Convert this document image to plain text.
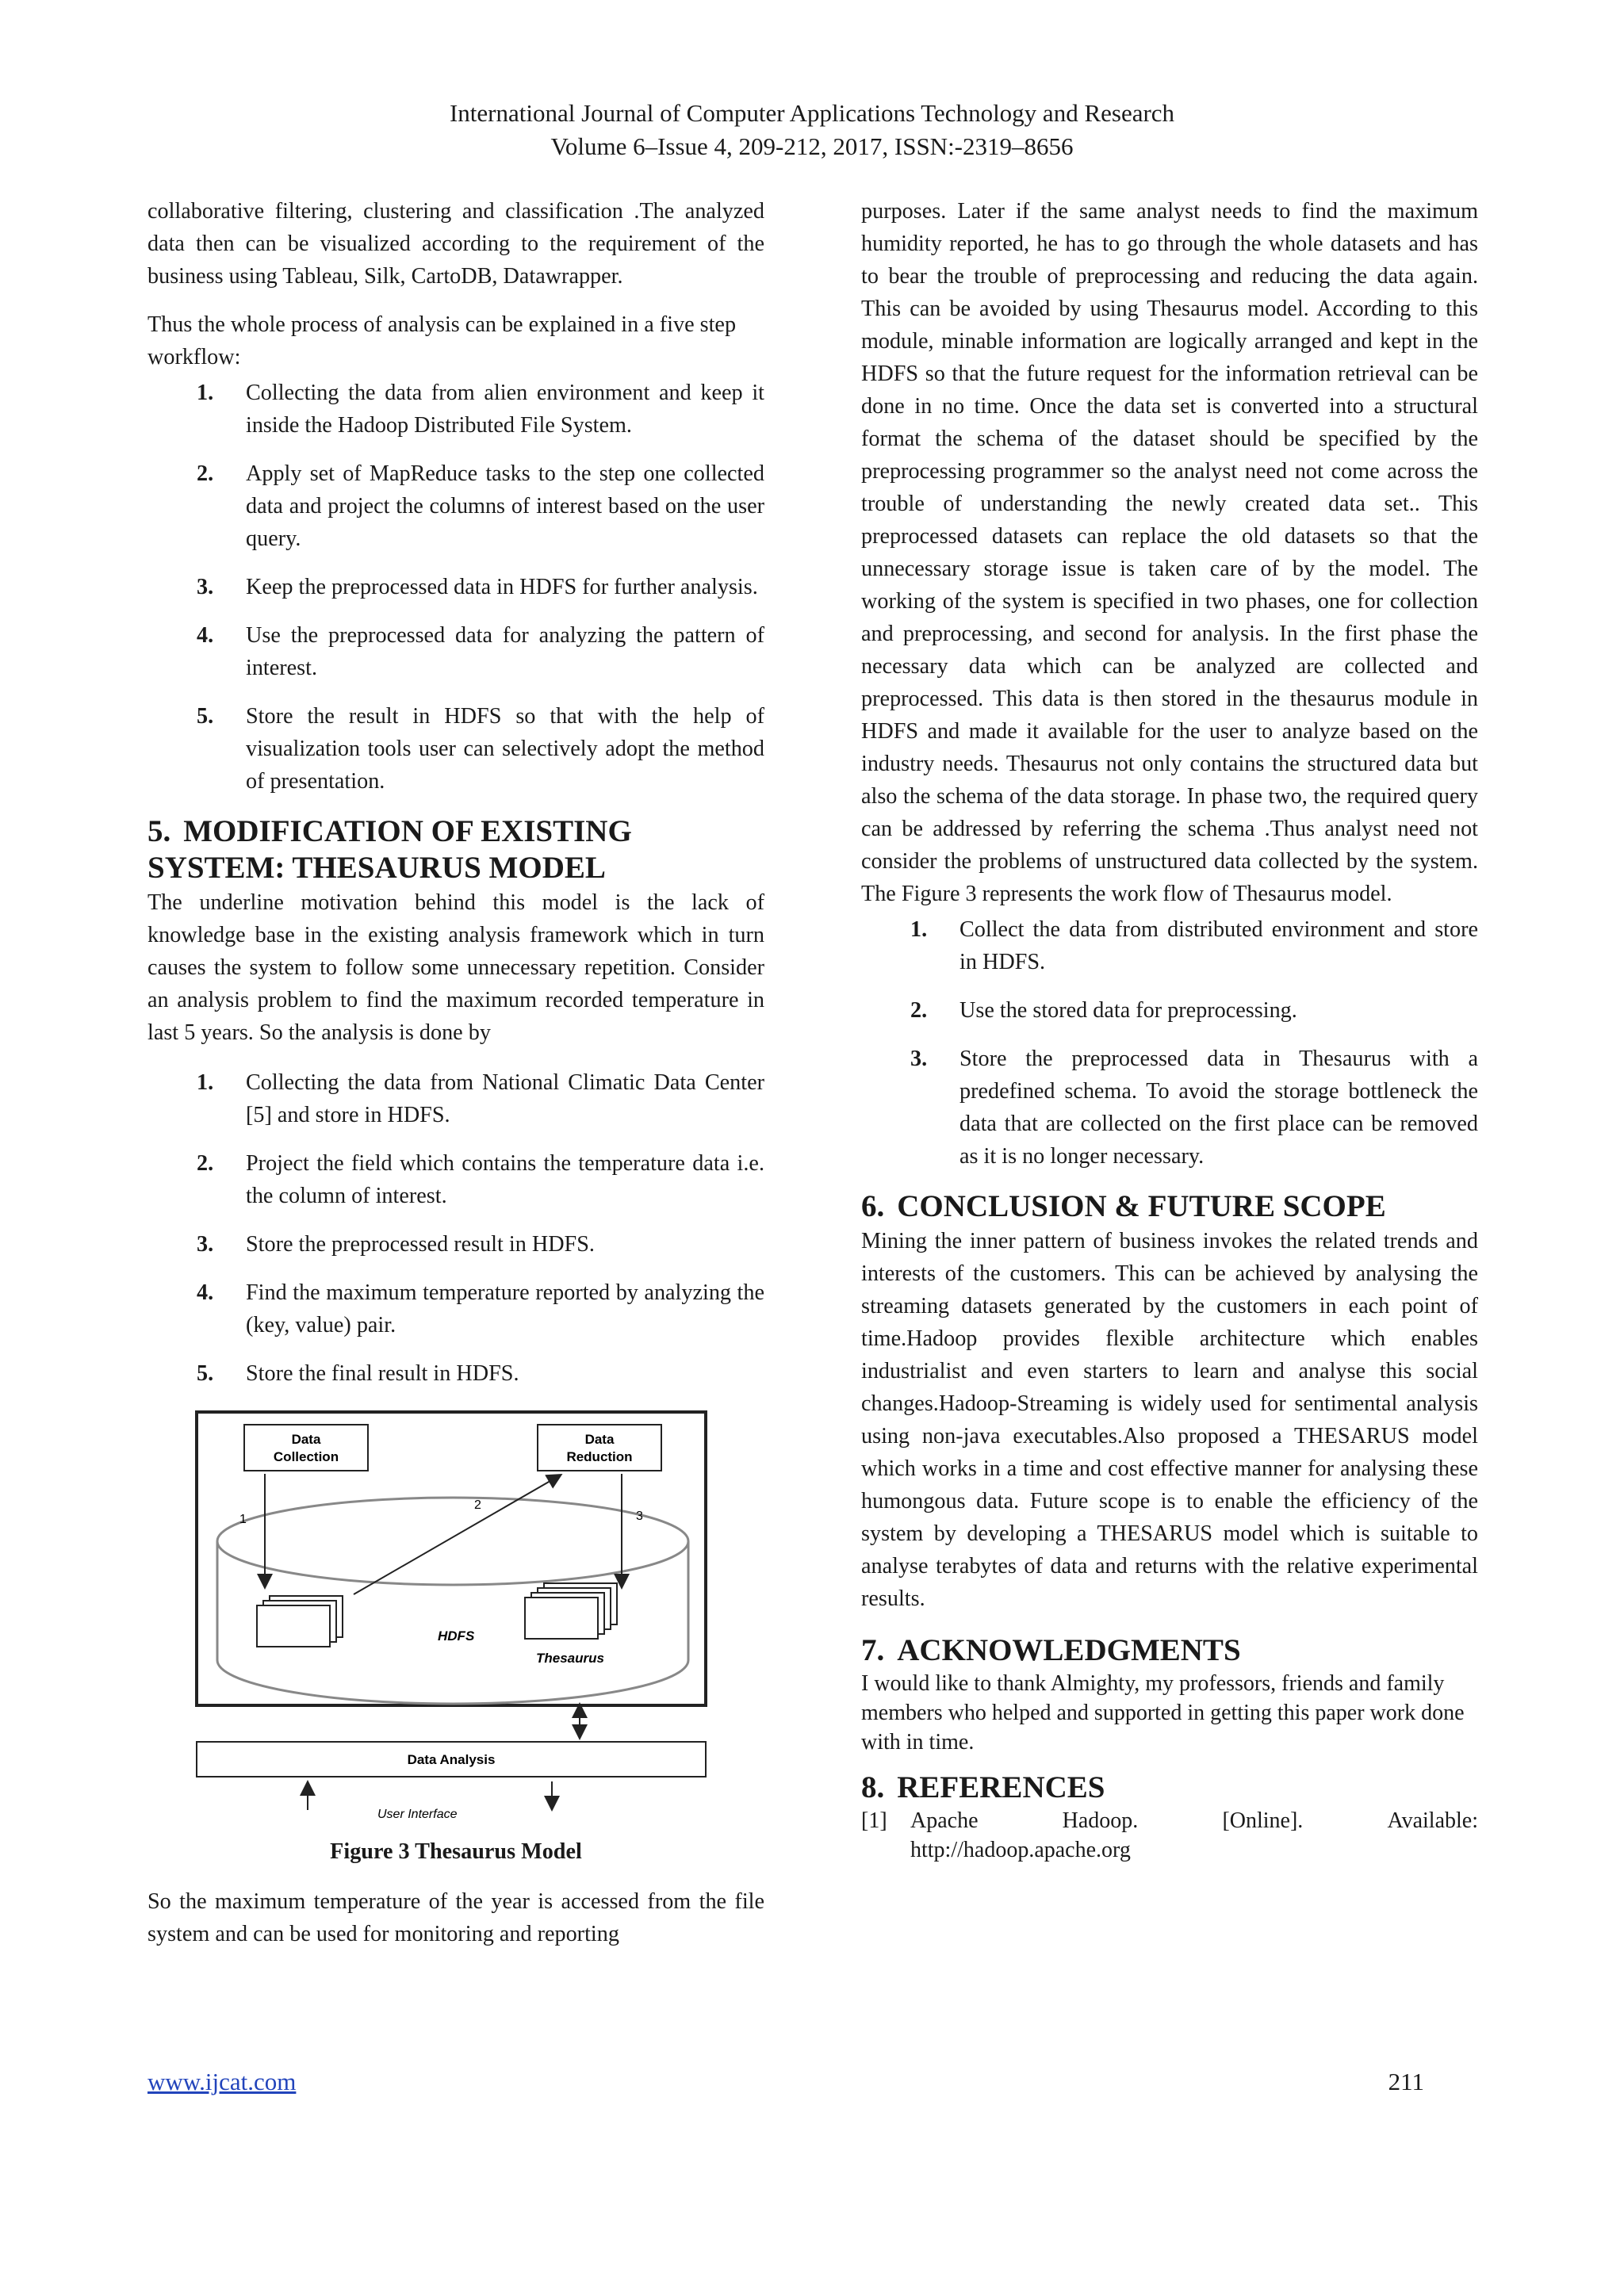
International Journal of Computer Applications Technology and Research
Volume 6–Issue 4, 209-212, 2017, ISSN:-2319–8656

collaborative filtering, clustering and classification .The analyzed data then can be visualized according to the requirement of the business using Tableau, Silk, CartoDB, Datawrapper.

Thus the whole process of analysis can be explained in a five step workflow:

1. Collecting the data from alien environment and keep it inside the Hadoop Distributed File System.
2. Apply set of MapReduce tasks to the step one collected data and project the columns of interest based on the user query.
3. Keep the preprocessed data in HDFS for further analysis.
4. Use the preprocessed data for analyzing the pattern of interest.
5. Store the result in HDFS so that with the help of visualization tools user can selectively adopt the method of presentation.
5. MODIFICATION OF EXISTING SYSTEM: THESAURUS MODEL

The underline motivation behind this model is the lack of knowledge base in the existing analysis framework which in turn causes the system to follow some unnecessary repetition. Consider an analysis problem to find the maximum recorded temperature in last 5 years. So the analysis is done by

1. Collecting the data from National Climatic Data Center [5] and store in HDFS.
2. Project the field which contains the temperature data i.e. the column of interest.
3. Store the preprocessed result in HDFS.
4. Find the maximum temperature reported by analyzing the (key, value) pair.
5. Store the final result in HDFS.
Data
Collection
Data
Reduction
1
2
3
HDFS
Thesaurus
Data Analysis
User Interface
Figure 3 Thesaurus Model

So the maximum temperature of the year is accessed from the file system and can be used for monitoring and reporting

purposes. Later if the same analyst needs to find the maximum humidity reported, he has to go through the whole datasets and has to bear the trouble of preprocessing and reducing the data again. This can be avoided by using Thesaurus model. According to this module, minable information are logically arranged and kept in the HDFS so that the future request for the information retrieval can be done in no time. Once the data set is converted into a structural format the schema of the dataset should be specified by the preprocessing programmer so the analyst need not come across the trouble of understanding the newly created data set.. This preprocessed datasets can replace the old datasets so that the unnecessary storage issue is taken care of by the model. The working of the system is specified in two phases, one for collection and preprocessing, and second for analysis. In the first phase the necessary data which can be analyzed are collected and preprocessed. This data is then stored in the thesaurus module in HDFS and made it available for the user to analyze based on the industry needs. Thesaurus not only contains the structured data but also the schema of the data storage. In phase two, the required query can be addressed by referring the schema .Thus analyst need not consider the problems of unstructured data collected by the system. The Figure 3 represents the work flow of Thesaurus model.

1. Collect the data from distributed environment and store in HDFS.
2. Use the stored data for preprocessing.
3. Store the preprocessed data in Thesaurus with a predefined schema. To avoid the storage bottleneck the data that are collected on the first place can be removed as it is no longer necessary.
6. CONCLUSION & FUTURE SCOPE

Mining the inner pattern of business invokes the related trends and interests of the customers. This can be achieved by analysing the streaming datasets generated by the customers in each point of time.Hadoop provides flexible architecture which enables industrialist and even starters to learn and analyse this social changes.Hadoop-Streaming is widely used for sentimental analysis using non-java executables.Also proposed a THESARUS model which works in a time and cost effective manner for analysing these humongous data. Future scope is to enable the efficiency of the system by developing a THESARUS model which is suitable to analyse terabytes of data and returns with the relative experimental results.

7. ACKNOWLEDGMENTS

I would like to thank Almighty, my professors, friends and family members who helped and supported in getting this paper work done with in time.

8. REFERENCES
[1] Apache	Hadoop.	[Online].	Available:
http://hadoop.apache.org
www.ijcat.com	211
